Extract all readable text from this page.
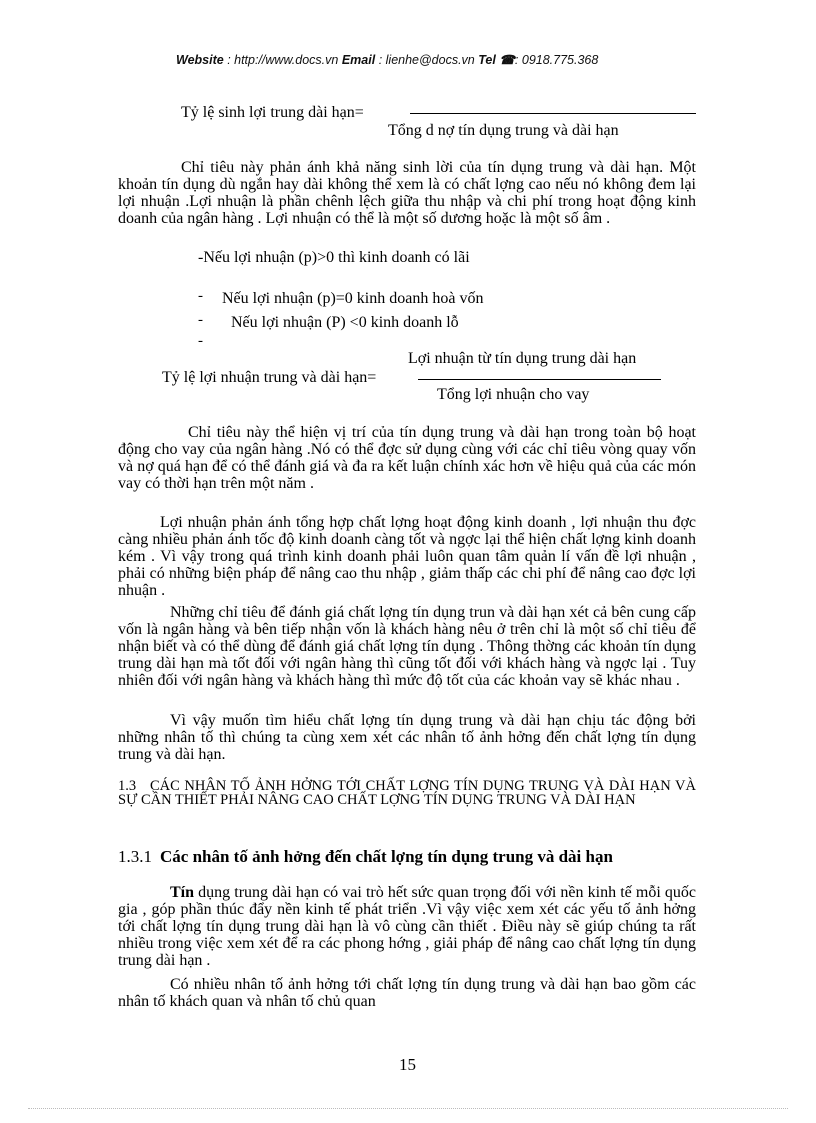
Website : http://www.docs.vn Email : lienhe@docs.vn Tel ☎: 0918.775.368
Tỷ lệ sinh lợi trung dài hạn=
Tổng d nợ tín dụng trung và dài hạn
Chỉ tiêu này phản ánh khả năng sinh lời của tín dụng trung và dài hạn. Một khoản tín dụng dù ngắn hay dài không thể xem là có chất lợng cao nếu nó không đem lại lợi nhuận .Lợi nhuận là phần chênh lệch giữa thu nhập và chi phí trong hoạt động kinh doanh của ngân hàng . Lợi nhuận có thể là một số dương hoặc là một số âm .
-Nếu lợi nhuận (p)>0 thì kinh doanh có lãi
- Nếu lợi nhuận (p)=0 kinh doanh hoà vốn
- Nếu lợi nhuận (P) <0 kinh doanh lỗ
-
Lợi nhuận từ tín dụng trung dài hạn
Tỷ lệ lợi nhuận trung và dài hạn=
Tổng lợi nhuận cho vay
Chỉ tiêu này thể hiện vị trí của tín dụng trung và dài hạn trong toàn bộ hoạt động cho vay của ngân hàng .Nó có thể đợc sử dụng cùng với các chỉ tiêu vòng quay vốn và nợ quá hạn để có thể đánh giá và đa ra kết luận chính xác hơn về hiệu quả của các món vay có thời hạn trên một năm .
Lợi nhuận phản ánh tổng hợp chất lợng hoạt động kinh doanh , lợi nhuận thu đợc càng nhiều phản ánh tốc độ kinh doanh càng tốt và ngợc lại thể hiện chất lợng kinh doanh kém . Vì vậy trong quá trình kinh doanh phải luôn quan tâm quản lí vấn đề lợi nhuận , phải có những biện pháp để nâng cao thu nhập , giảm thấp các chi phí để nâng cao đợc lợi nhuận .
Những chỉ tiêu để đánh giá chất lợng tín dụng trun và dài hạn xét cả bên cung cấp vốn là ngân hàng và bên tiếp nhận vốn là khách hàng nêu ở trên chỉ là một số chỉ tiêu để nhận biết và có thể dùng để đánh giá chất lợng tín dụng . Thông thờng các khoản tín dụng trung dài hạn mà tốt đối với ngân hàng thì cũng tốt đối với khách hàng và ngợc lại . Tuy nhiên đối với ngân hàng và khách hàng thì mức độ tốt của các khoản vay sẽ khác nhau .
Vì vậy muốn tìm hiểu chất lợng tín dụng trung và dài hạn chịu tác động bởi những nhân tố thì chúng ta cùng xem xét các nhân tố ảnh hởng đến chất lợng tín dụng trung và dài hạn.
1.3 CÁC NHÂN TỐ ẢNH HỞNG TỚI CHẤT LỢNG TÍN DỤNG TRUNG VÀ DÀI HẠN VÀ SỰ CẦN THIẾT PHẢI NÂNG CAO CHẤT LỢNG TÍN DỤNG TRUNG VÀ DÀI HẠN
1.3.1 Các nhân tố ảnh hởng đến chất lợng tín dụng trung và dài hạn
Tín dụng trung dài hạn có vai trò hết sức quan trọng đối với nền kinh tế mỗi quốc gia , góp phần thúc đẩy nền kinh tế phát triển .Vì vậy việc xem xét các yếu tố ảnh hởng tới chất lợng tín dụng trung dài hạn là vô cùng cần thiết . Điều này sẽ giúp chúng ta rất nhiều trong việc xem xét để ra các phong hớng , giải pháp để nâng cao chất lợng tín dụng trung dài hạn .
Có nhiều nhân tố ảnh hởng tới chất lợng tín dụng trung và dài hạn bao gồm các nhân tố khách quan và nhân tố chủ quan
15
